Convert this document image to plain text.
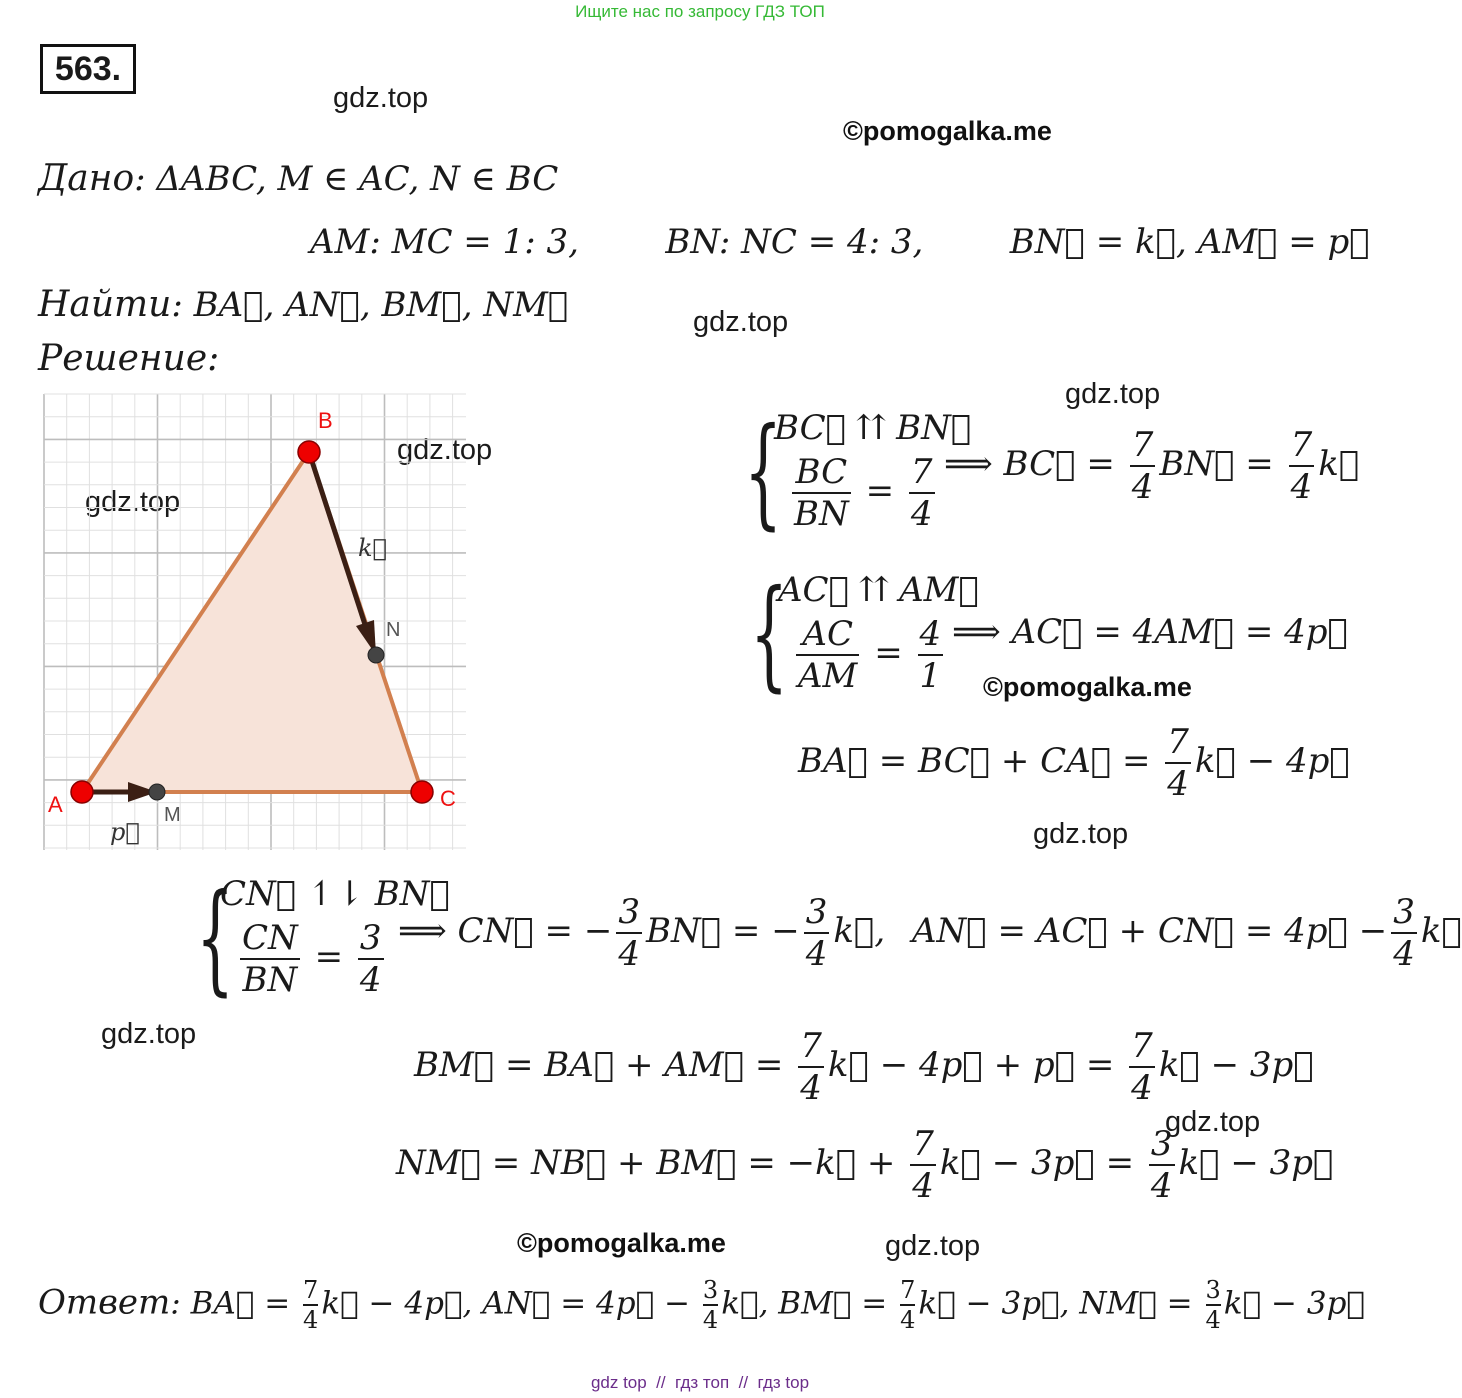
Ищите нас по запросу ГДЗ ТОП
563.
gdz.top
©pomogalka.me
gdz.top
gdz.top
gdz.top
gdz.top
©pomogalka.me
gdz.top
gdz.top
gdz.top
©pomogalka.me	gdz.top
Дано: ΔABC, M ∈ AC, N ∈ BC
AM: MC = 1: 3,        BN: NC = 4: 3,        BN⃗ = k⃗, AM⃗ = p⃗
Найти: BA⃗, AN⃗, BM⃗, NM⃗
Решение:
B
A	C
N
M
k⃗
p⃗
{
BC⃗ ⇈ BN⃗
$\frac{BC}{BN} = \frac{7}{4}$ ⟹ BC⃗ = $\frac{7}{4}$ BN⃗ = $\frac{7}{4}$ k⃗
{
AC⃗ ⇈ AM⃗
$\frac{AC}{AM} = \frac{4}{1}$ ⟹ AC⃗ = 4AM⃗ = 4p⃗
BA⃗ = BC⃗ + CA⃗ = $\frac{7}{4}$ k⃗ − 4p⃗
{
CN⃗ ↿⇂ BN⃗
$\frac{CN}{BN} = \frac{3}{4}$ ⟹ CN⃗ = − $\frac{3}{4}$ BN⃗ = − $\frac{3}{4}$ k⃗, AN⃗ = AC⃗ + CN⃗ = 4p⃗ − $\frac{3}{4}$ k⃗
BM⃗ = BA⃗ + AM⃗ = $\frac{7}{4}$ k⃗ − 4p⃗ + p⃗ = $\frac{7}{4}$ k⃗ − 3p⃗
NM⃗ = NB⃗ + BM⃗ = −k⃗ + $\frac{7}{4}$ k⃗ − 3p⃗ = $\frac{3}{4}$ k⃗ − 3p⃗
Ответ: BA⃗ = $\frac{7}{4}$ k⃗ − 4p⃗, AN⃗ = 4p⃗ − $\frac{3}{4}$ k⃗, BM⃗ = $\frac{7}{4}$ k⃗ − 3p⃗, NM⃗ = $\frac{3}{4}$ k⃗ − 3p⃗
gdz top  //  гдз топ  //  гдз top
